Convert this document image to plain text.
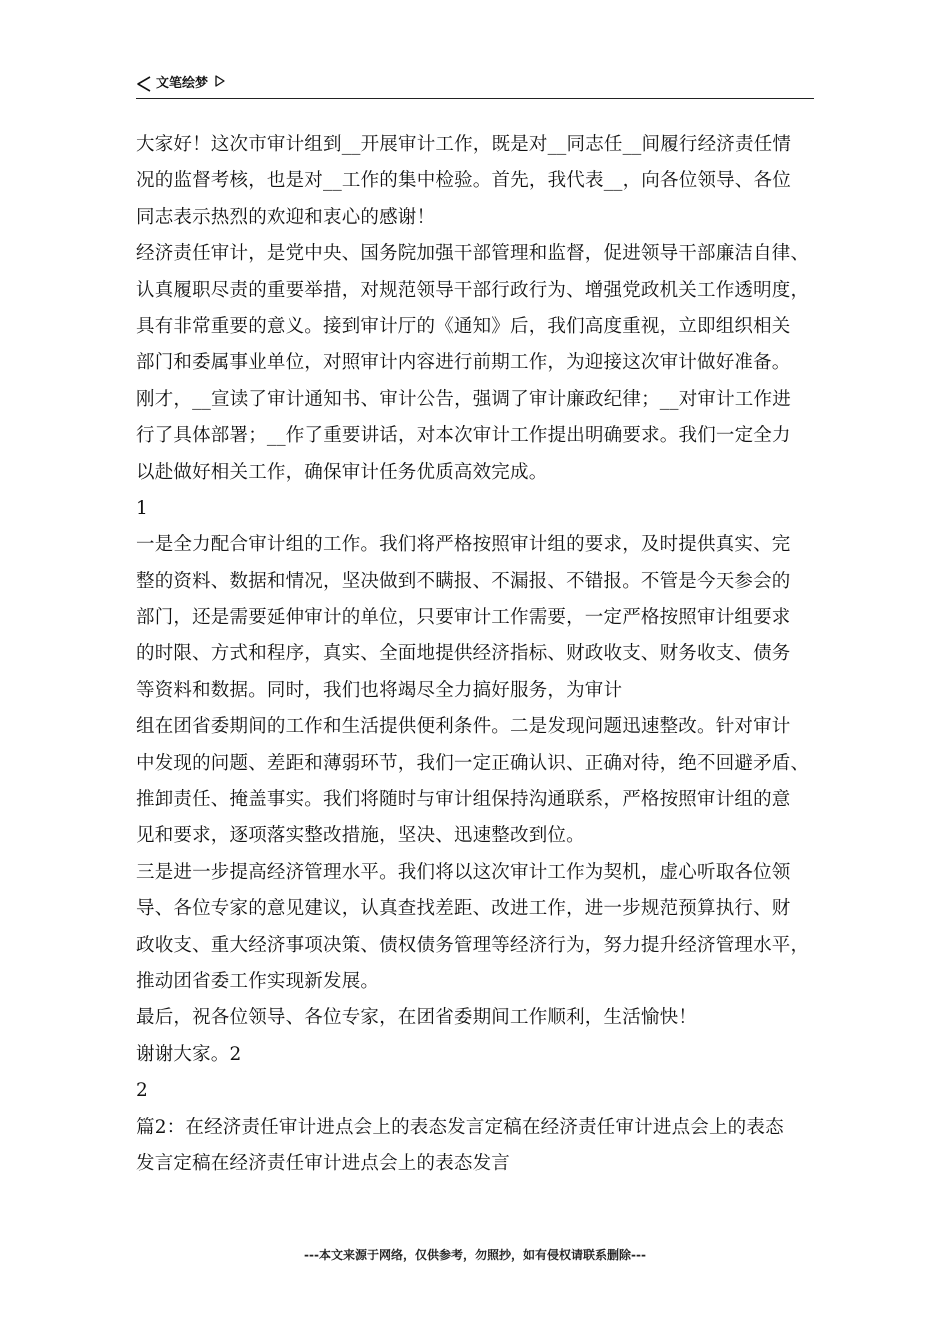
文笔绘梦
大家好！这次市审计组到__开展审计工作，既是对__同志任__间履行经济责任情
况的监督考核，也是对__工作的集中检验。首先，我代表__，向各位领导、各位
同志表示热烈的欢迎和衷心的感谢！
经济责任审计，是党中央、国务院加强干部管理和监督，促进领导干部廉洁自律、
认真履职尽责的重要举措，对规范领导干部行政行为、增强党政机关工作透明度，
具有非常重要的意义。接到审计厅的《通知》后，我们高度重视，立即组织相关
部门和委属事业单位，对照审计内容进行前期工作，为迎接这次审计做好准备。
刚才，__宣读了审计通知书、审计公告，强调了审计廉政纪律；__对审计工作进
行了具体部署；__作了重要讲话，对本次审计工作提出明确要求。我们一定全力
以赴做好相关工作，确保审计任务优质高效完成。
1
一是全力配合审计组的工作。我们将严格按照审计组的要求，及时提供真实、完
整的资料、数据和情况，坚决做到不瞒报、不漏报、不错报。不管是今天参会的
部门，还是需要延伸审计的单位，只要审计工作需要，一定严格按照审计组要求
的时限、方式和程序，真实、全面地提供经济指标、财政收支、财务收支、债务
等资料和数据。同时，我们也将竭尽全力搞好服务，为审计
组在团省委期间的工作和生活提供便利条件。二是发现问题迅速整改。针对审计
中发现的问题、差距和薄弱环节，我们一定正确认识、正确对待，绝不回避矛盾、
推卸责任、掩盖事实。我们将随时与审计组保持沟通联系，严格按照审计组的意
见和要求，逐项落实整改措施，坚决、迅速整改到位。
三是进一步提高经济管理水平。我们将以这次审计工作为契机，虚心听取各位领
导、各位专家的意见建议，认真查找差距、改进工作，进一步规范预算执行、财
政收支、重大经济事项决策、债权债务管理等经济行为，努力提升经济管理水平，
推动团省委工作实现新发展。
最后，祝各位领导、各位专家，在团省委期间工作顺利，生活愉快！
谢谢大家。2
2
篇2：在经济责任审计进点会上的表态发言定稿在经济责任审计进点会上的表态
发言定稿在经济责任审计进点会上的表态发言
---本文来源于网络，仅供参考，勿照抄，如有侵权请联系删除---
